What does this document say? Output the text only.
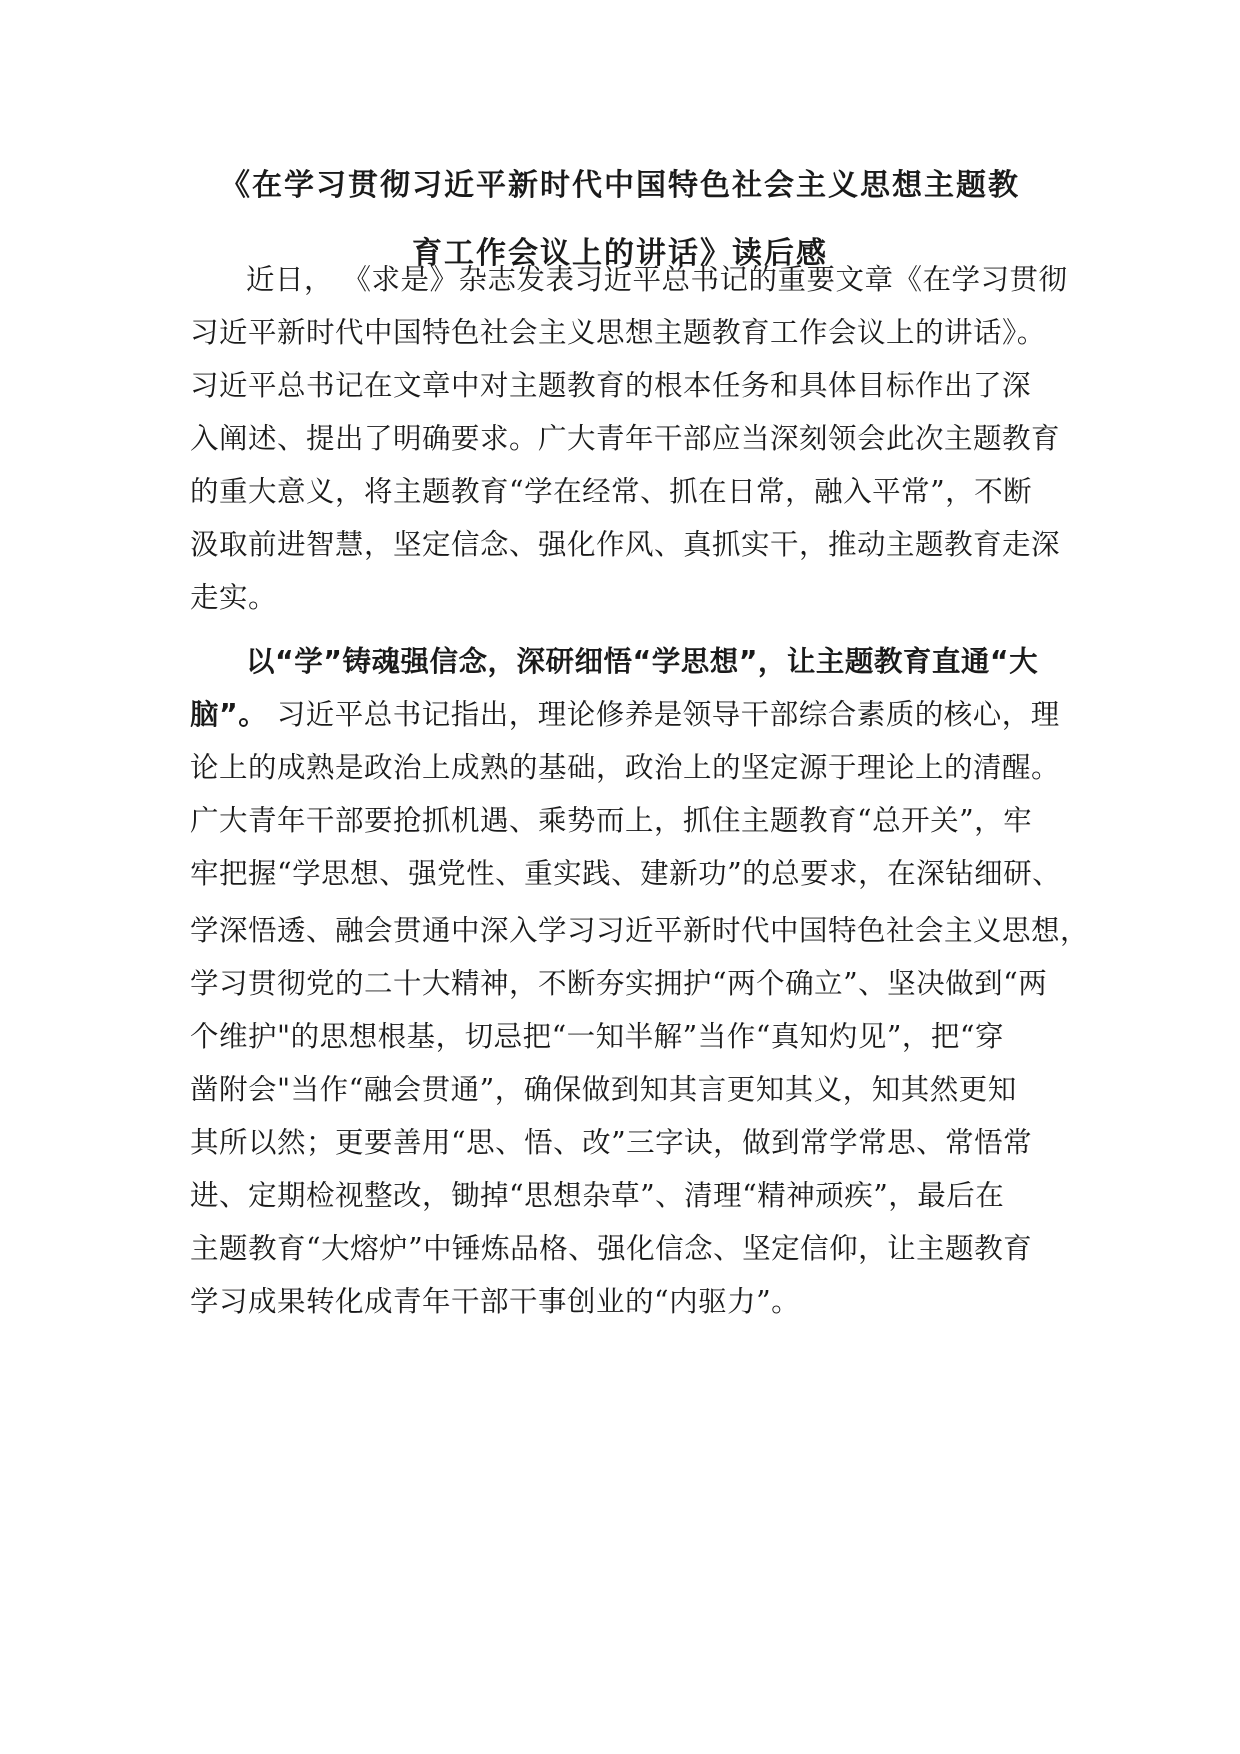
《在学习贯彻习近平新时代中国特色社会主义思想主题教
育工作会议上的讲话》读后感
近日， 《求是》杂志发表习近平总书记的重要文章《在学习贯彻
习近平新时代中国特色社会主义思想主题教育工作会议上的讲话》。
习近平总书记在文章中对主题教育的根本任务和具体目标作出了深
入阐述、提出了明确要求。广大青年干部应当深刻领会此次主题教育
的重大意义，将主题教育“学在经常、抓在日常，融入平常”，不断
汲取前进智慧，坚定信念、强化作风、真抓实干，推动主题教育走深
走实。
以“学”铸魂强信念，深研细悟“学思想”，让主题教育直通“大
脑”。 习近平总书记指出，理论修养是领导干部综合素质的核心，理
论上的成熟是政治上成熟的基础，政治上的坚定源于理论上的清醒。
广大青年干部要抢抓机遇、乘势而上，抓住主题教育“总开关”，牢
牢把握“学思想、强党性、重实践、建新功”的总要求，在深钻细研、
学深悟透、融会贯通中深入学习习近平新时代中国特色社会主义思想，
学习贯彻党的二十大精神，不断夯实拥护“两个确立”、坚决做到“两
个维护"的思想根基，切忌把“一知半解”当作“真知灼见”，把“穿
凿附会"当作“融会贯通”，确保做到知其言更知其义，知其然更知
其所以然；更要善用“思、悟、改”三字诀，做到常学常思、常悟常
进、定期检视整改，锄掉“思想杂草”、清理“精神顽疾”，最后在
主题教育“大熔炉”中锤炼品格、强化信念、坚定信仰，让主题教育
学习成果转化成青年干部干事创业的“内驱力”。
